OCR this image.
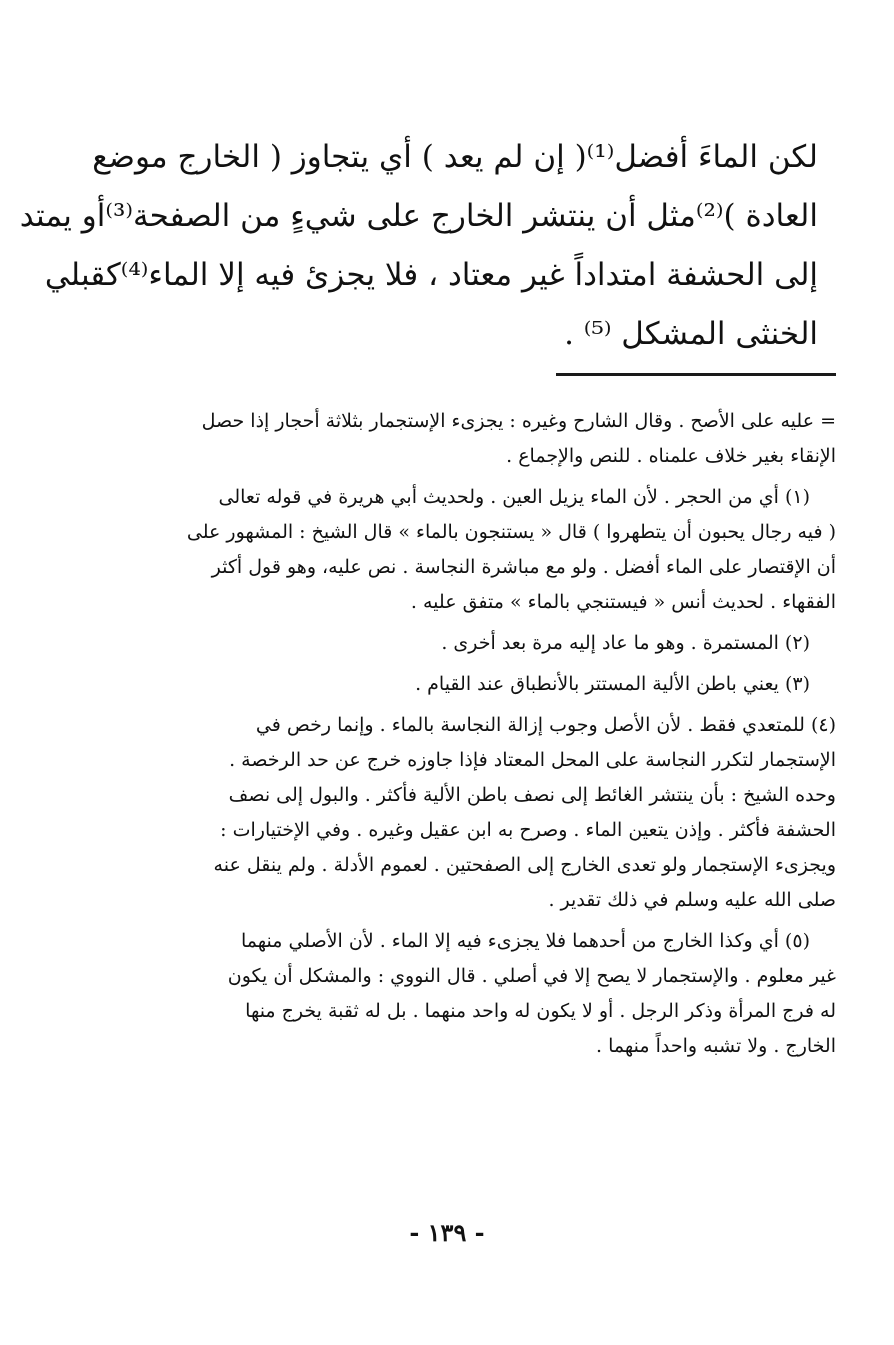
لكن الماءَ أفضل⁽¹⁾( إن لم يعد ) أي يتجاوز ( الخارج موضع
العادة )⁽²⁾مثل أن ينتشر الخارج على شيءٍ من الصفحة⁽³⁾أو يمتد
إلى الحشفة امتداداً غير معتاد ، فلا يجزئ فيه إلا الماء⁽⁴⁾كقبلي
الخنثى المشكل ⁽⁵⁾ .
= عليه على الأصح . وقال الشارح وغيره : يجزىء الإستجمار بثلاثة أحجار إذا حصل
الإنقاء بغير خلاف علمناه . للنص والإجماع .
(١) أي من الحجر . لأن الماء يزيل العين . ولحديث أبي هريرة في قوله تعالى
( فيه رجال يحبون أن يتطهروا ) قال « يستنجون بالماء » قال الشيخ : المشهور على
أن الإقتصار على الماء أفضل . ولو مع مباشرة النجاسة . نص عليه، وهو قول أكثر
الفقهاء . لحديث أنس « فيستنجي بالماء » متفق عليه .
(٢) المستمرة . وهو ما عاد إليه مرة بعد أخرى .
(٣) يعني باطن الألية المستتر بالأنطباق عند القيام .
(٤) للمتعدي فقط . لأن الأصل وجوب إزالة النجاسة بالماء . وإنما رخص في
الإستجمار لتكرر النجاسة على المحل المعتاد فإذا جاوزه خرج عن حد الرخصة .
وحده الشيخ : بأن ينتشر الغائط إلى نصف باطن الألية فأكثر . والبول إلى نصف
الحشفة فأكثر . وإذن يتعين الماء . وصرح به ابن عقيل وغيره . وفي الإختيارات :
ويجزىء الإستجمار ولو تعدى الخارج إلى الصفحتين . لعموم الأدلة . ولم ينقل عنه
صلى الله عليه وسلم في ذلك تقدير .
(٥) أي وكذا الخارج من أحدهما فلا يجزىء فيه إلا الماء . لأن الأصلي منهما
غير معلوم . والإستجمار لا يصح إلا في أصلي . قال النووي : والمشكل أن يكون
له فرج المرأة وذكر الرجل . أو لا يكون له واحد منهما . بل له ثقبة يخرج منها
الخارج . ولا تشبه واحداً منهما .
- ١٣٩ -
